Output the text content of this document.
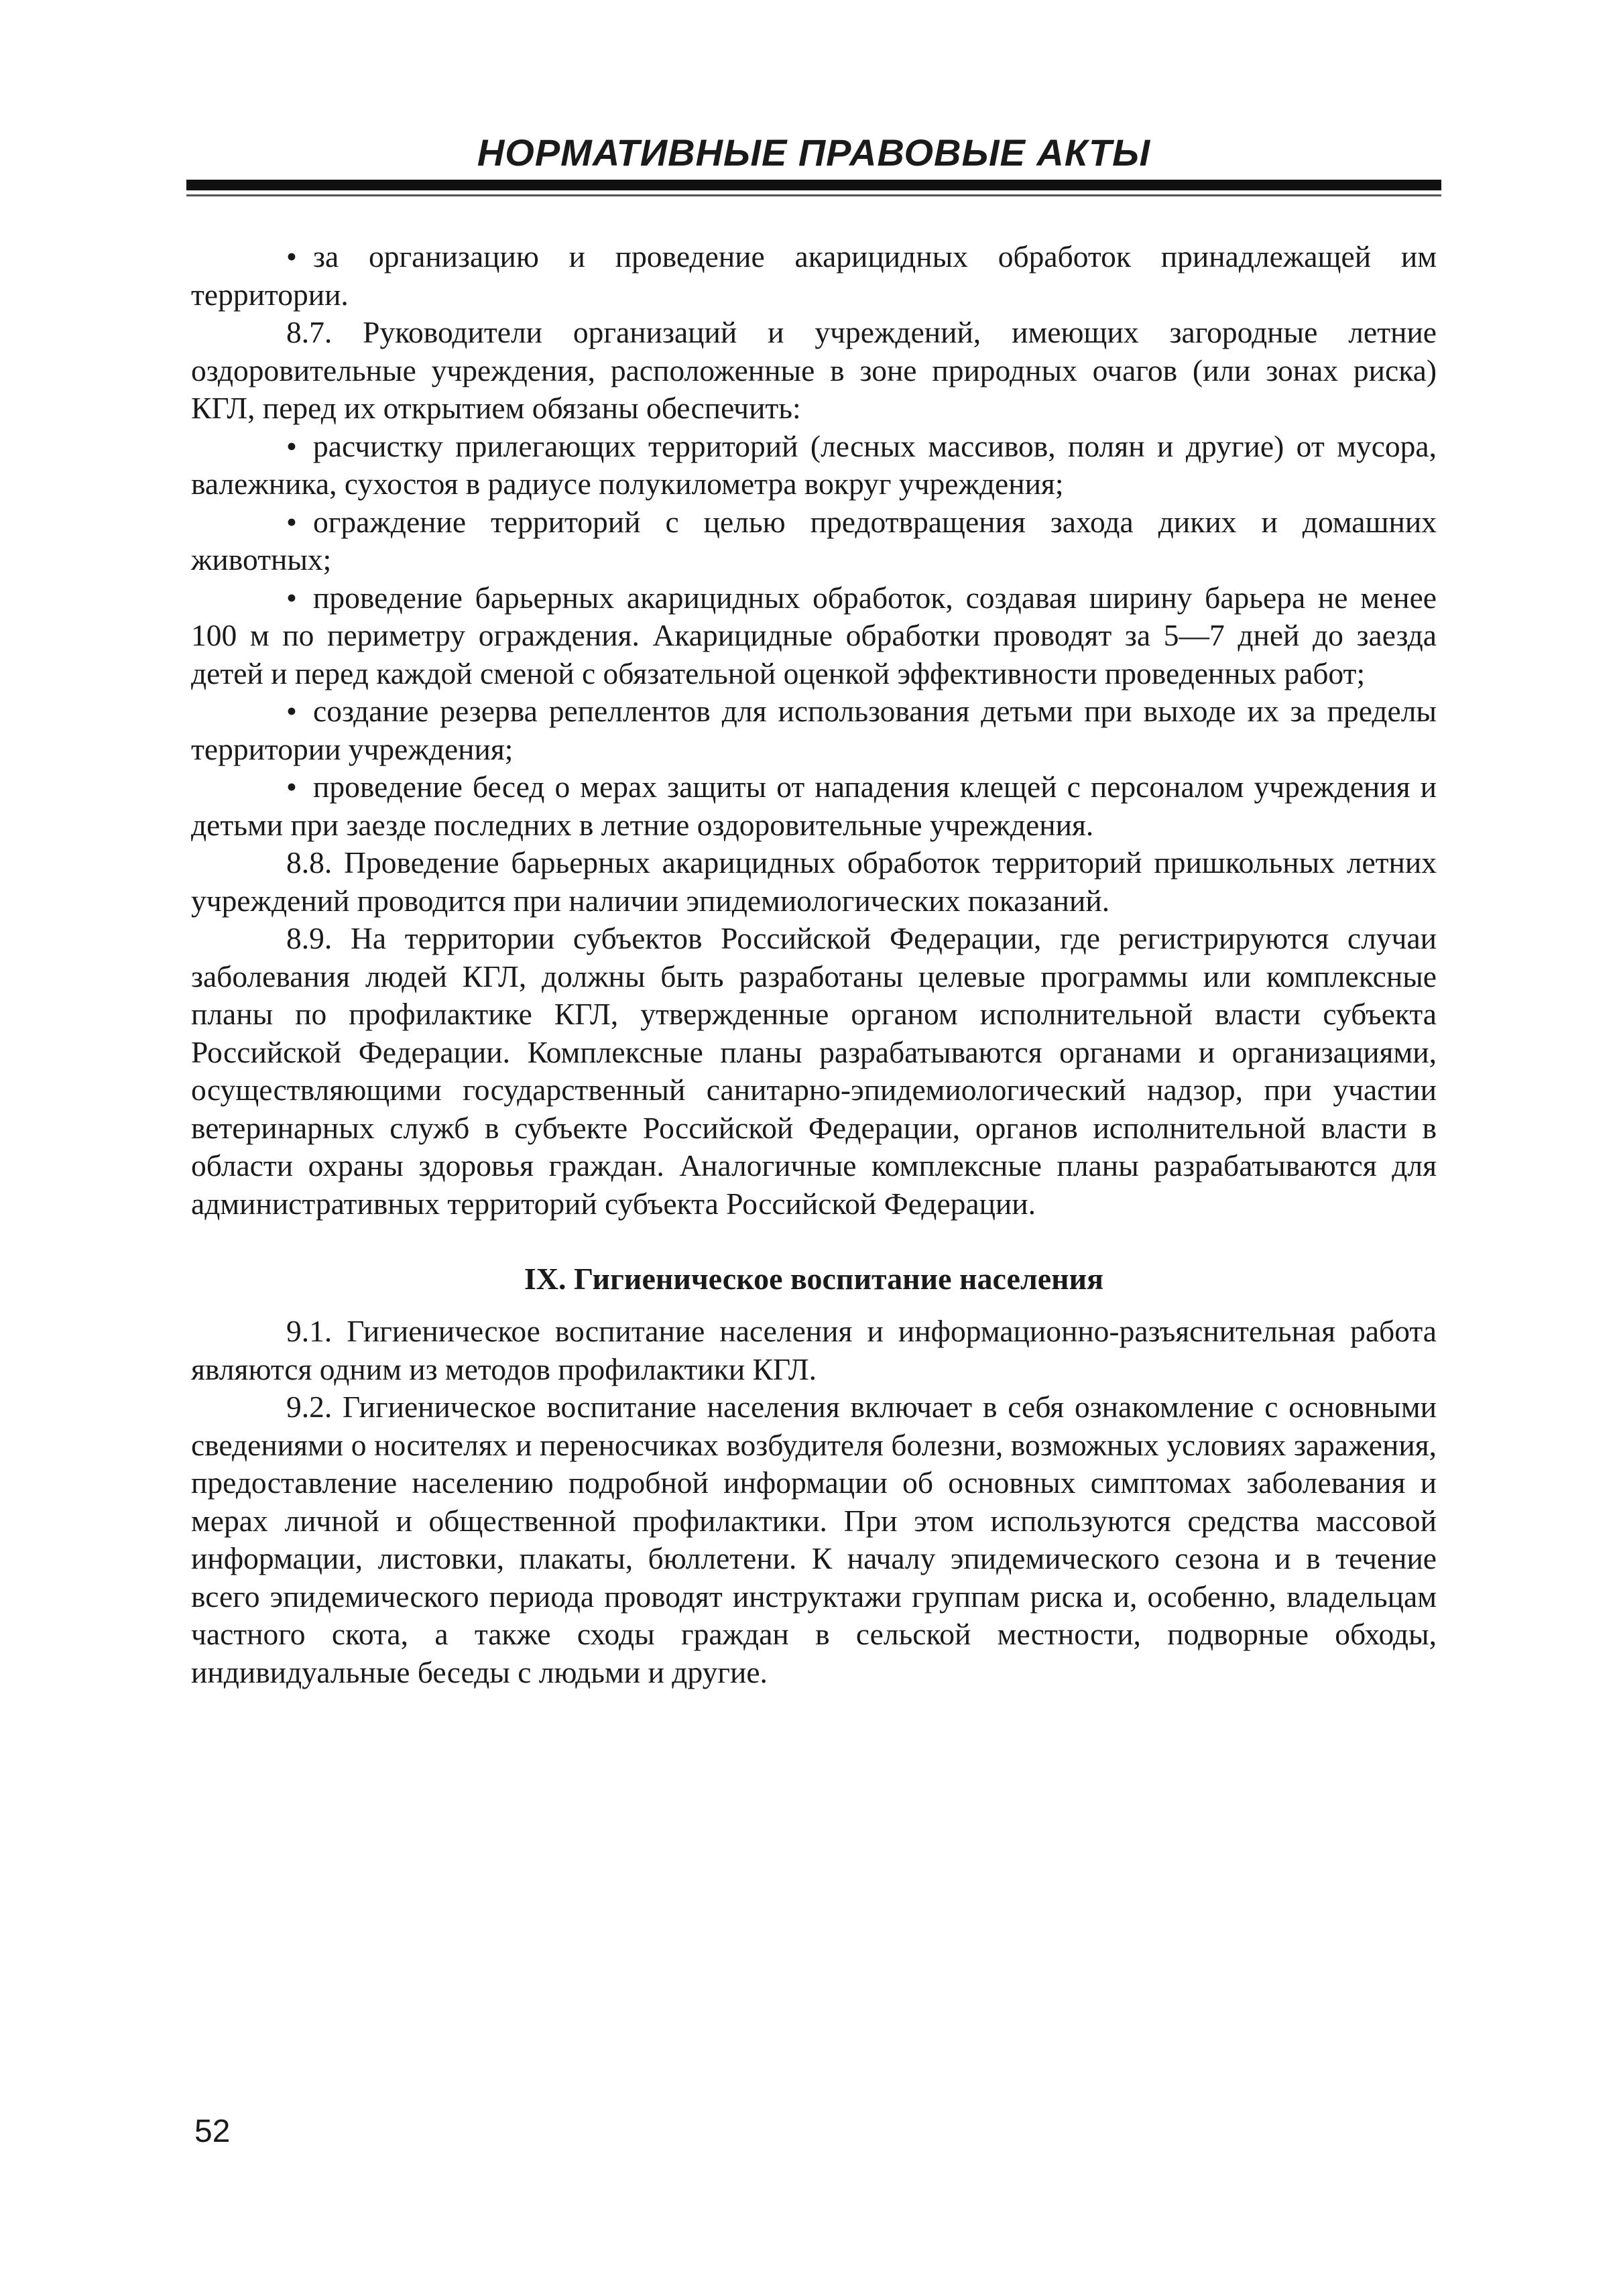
НОРМАТИВНЫЕ ПРАВОВЫЕ АКТЫ

• за организацию и проведение акарицидных обработок принадлежащей им территории.

8.7. Руководители организаций и учреждений, имеющих загородные летние оздоровительные учреждения, расположенные в зоне природных очагов (или зонах риска) КГЛ, перед их открытием обязаны обеспечить:

• расчистку прилегающих территорий (лесных массивов, полян и другие) от мусора, валежника, сухостоя в радиусе полукилометра вокруг учреждения;

• ограждение территорий с целью предотвращения захода диких и домашних животных;

• проведение барьерных акарицидных обработок, создавая ширину барьера не менее 100 м по периметру ограждения. Акарицидные обработки проводят за 5—7 дней до заезда детей и перед каждой сменой с обязательной оценкой эффективности проведенных работ;

• создание резерва репеллентов для использования детьми при выходе их за пределы территории учреждения;

• проведение бесед о мерах защиты от нападения клещей с персоналом учреждения и детьми при заезде последних в летние оздоровительные учреждения.

8.8. Проведение барьерных акарицидных обработок территорий пришкольных летних учреждений проводится при наличии эпидемиологических показаний.

8.9. На территории субъектов Российской Федерации, где регистрируются случаи заболевания людей КГЛ, должны быть разработаны целевые программы или комплексные планы по профилактике КГЛ, утвержденные органом исполнительной власти субъекта Российской Федерации. Комплексные планы разрабатываются органами и организациями, осуществляющими государственный санитарно-эпидемиологический надзор, при участии ветеринарных служб в субъекте Российской Федерации, органов исполнительной власти в области охраны здоровья граждан. Аналогичные комплексные планы разрабатываются для административных территорий субъекта Российской Федерации.

IX. Гигиеническое воспитание населения

9.1. Гигиеническое воспитание населения и информационно-разъяснительная работа являются одним из методов профилактики КГЛ.

9.2. Гигиеническое воспитание населения включает в себя ознакомление с основными сведениями о носителях и переносчиках возбудителя болезни, возможных условиях заражения, предоставление населению подробной информации об основных симптомах заболевания и мерах личной и общественной профилактики. При этом используются средства массовой информации, листовки, плакаты, бюллетени. К началу эпидемического сезона и в течение всего эпидемического периода проводят инструктажи группам риска и, особенно, владельцам частного скота, а также сходы граждан в сельской местности, подворные обходы, индивидуальные беседы с людьми и другие.

52
